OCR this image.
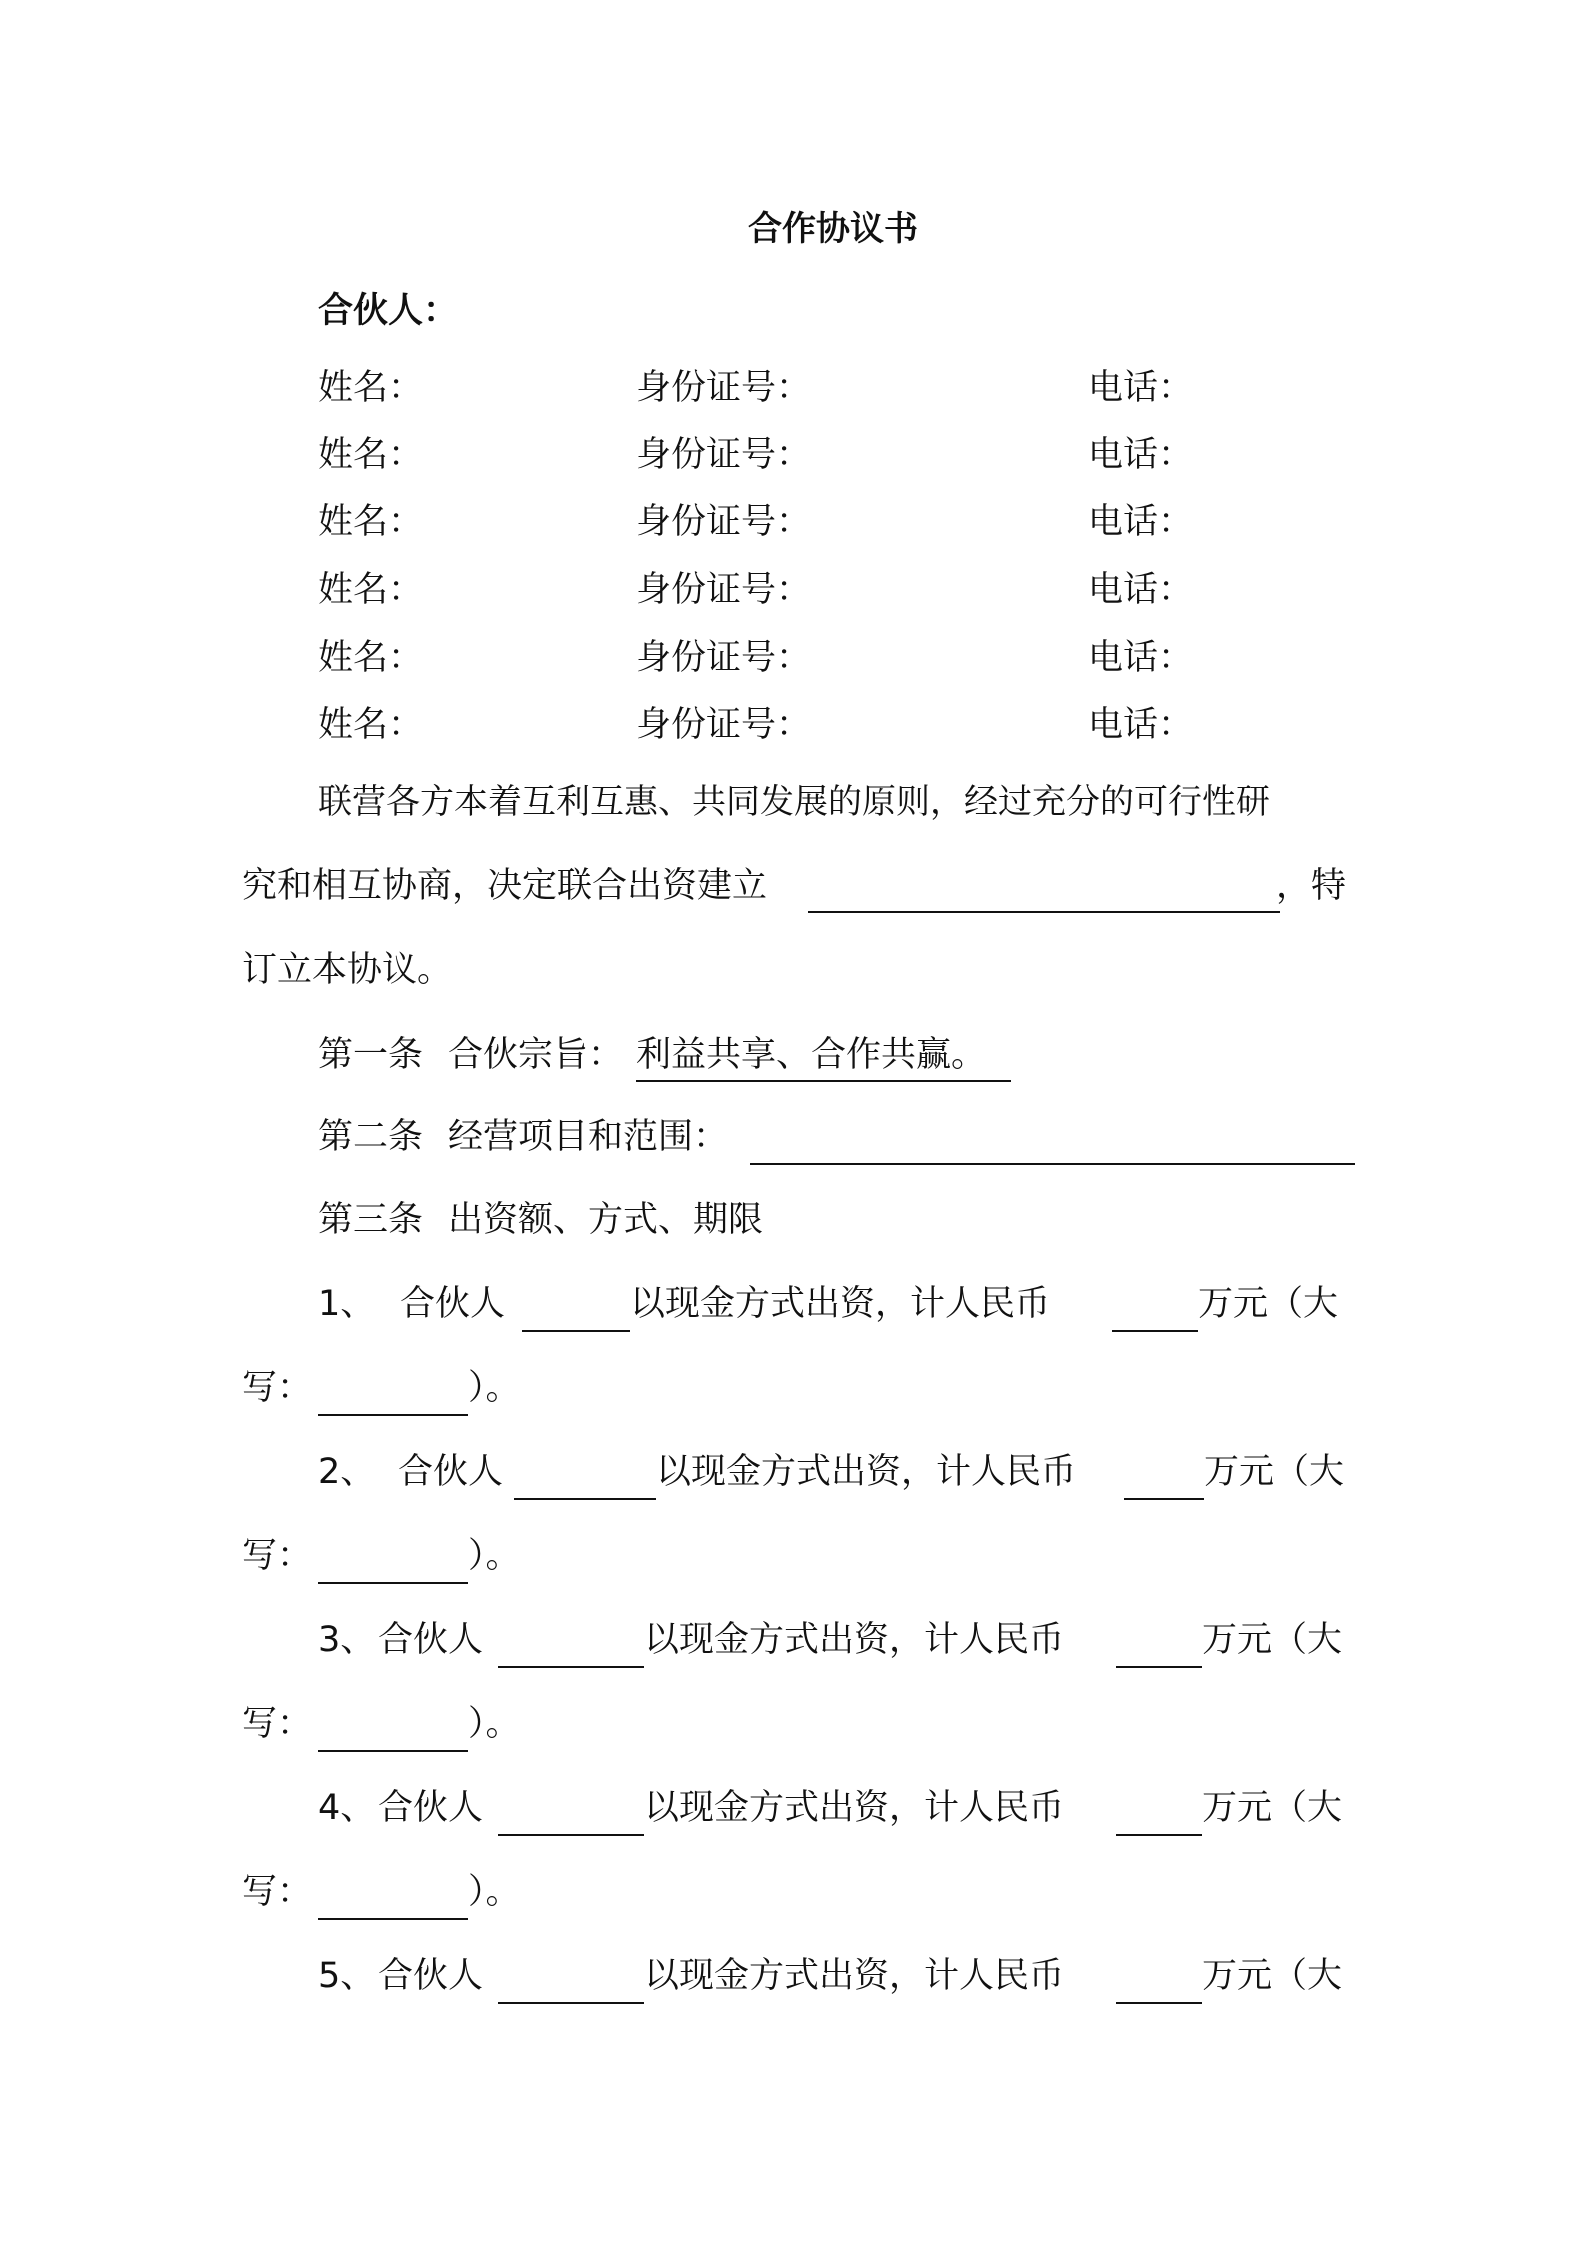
合作协议书
合伙人：
姓名：	身份证号：	电话：
姓名：	身份证号：	电话：
姓名：	身份证号：	电话：
姓名：	身份证号：	电话：
姓名：	身份证号：	电话：
姓名：	身份证号：	电话：
联营各方本着互利互惠、共同发展的原则，经过充分的可行性研
究和相互协商，决定联合出资建立	，特
订立本协议。
第一条 合伙宗旨： 利益共享、合作共赢。
第二条 经营项目和范围：
第三条 出资额、方式、期限
1、 合伙人	以现金方式出资，计人民币	万元（大
写：	）。
2、 合伙人	以现金方式出资，计人民币	万元（大
写：	）。
3、 合伙人	以现金方式出资，计人民币	万元（大
写：	）。
4、 合伙人	以现金方式出资，计人民币	万元（大
写：	）。
5、 合伙人	以现金方式出资，计人民币	万元（大
